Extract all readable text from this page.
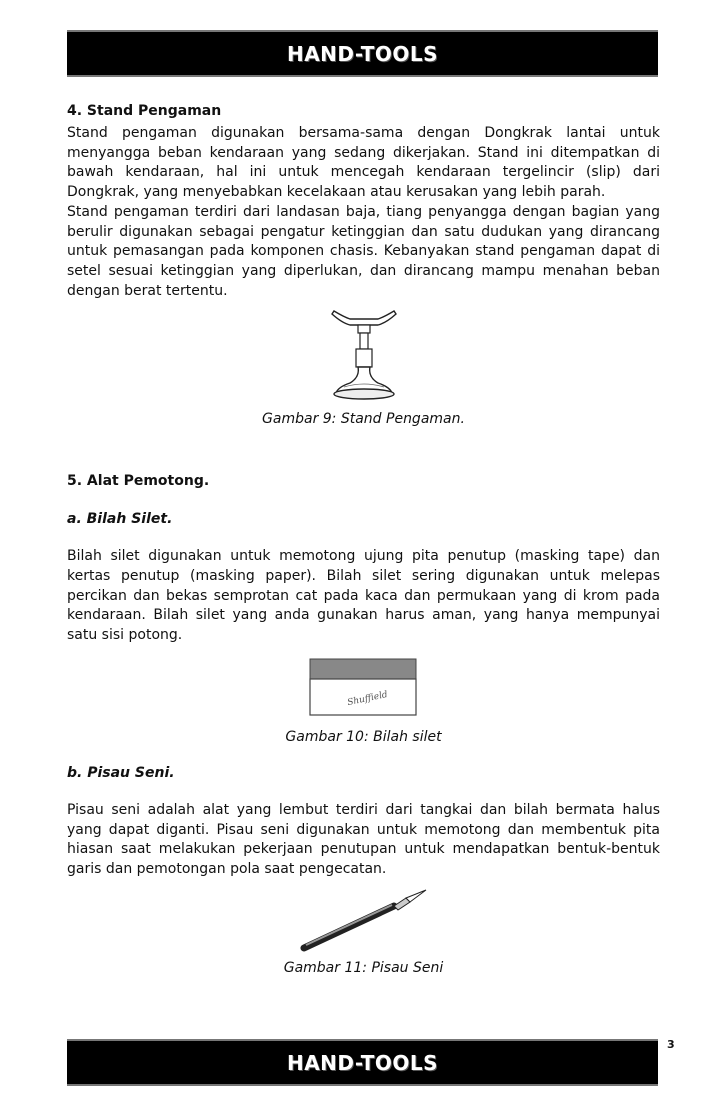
HAND-TOOLS

4. Stand Pengaman

Stand pengaman digunakan bersama-sama dengan Dongkrak lantai untuk menyangga beban kendaraan yang sedang dikerjakan. Stand ini ditempatkan di bawah kendaraan, hal ini untuk mencegah kendaraan tergelincir (slip) dari Dongkrak, yang menyebabkan kecelakaan atau kerusakan yang lebih parah.

Stand pengaman terdiri dari landasan baja, tiang penyangga dengan bagian yang berulir digunakan sebagai pengatur ketinggian dan satu dudukan yang dirancang untuk pemasangan pada komponen chasis. Kebanyakan stand pengaman dapat di setel sesuai ketinggian yang diperlukan, dan dirancang mampu menahan beban dengan berat tertentu.

Gambar 9: Stand Pengaman.

5. Alat Pemotong.

a. Bilah Silet.

Bilah silet digunakan untuk memotong ujung pita penutup (masking tape) dan kertas penutup (masking paper). Bilah silet sering digunakan untuk melepas percikan dan bekas semprotan cat pada kaca dan permukaan yang di krom pada kendaraan. Bilah silet yang anda gunakan harus aman, yang hanya mempunyai satu sisi potong.

Shuffield

Gambar 10: Bilah silet

b. Pisau Seni.

Pisau seni adalah alat yang lembut terdiri dari tangkai dan bilah bermata halus yang dapat diganti. Pisau seni digunakan untuk memotong dan membentuk pita hiasan saat melakukan pekerjaan penutupan untuk mendapatkan bentuk-bentuk garis dan pemotongan pola saat pengecatan.

Gambar 11: Pisau Seni

3
HAND-TOOLS
